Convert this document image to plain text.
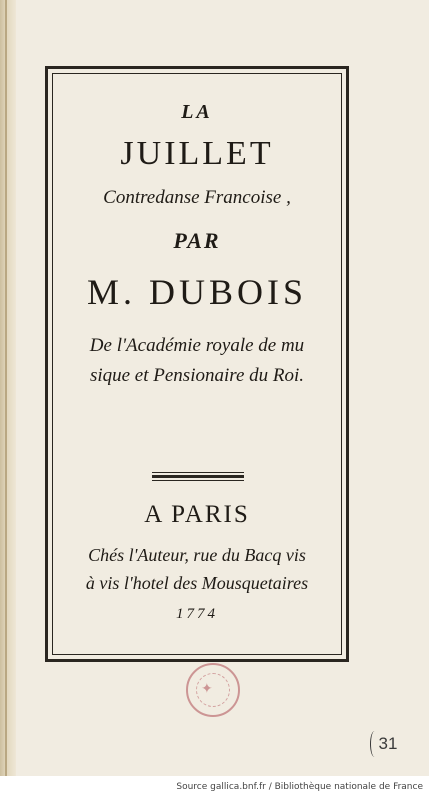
LA
JUILLET
Contredanse Francoise ,
PAR
M. DUBOIS
De l'Académie royale de mu
sique et Pensionaire du Roi.
A PARIS
Chés l'Auteur, rue du Bacq vis
à vis l'hotel des Mousquetaires
1774
✦
31
Source gallica.bnf.fr / Bibliothèque nationale de France
